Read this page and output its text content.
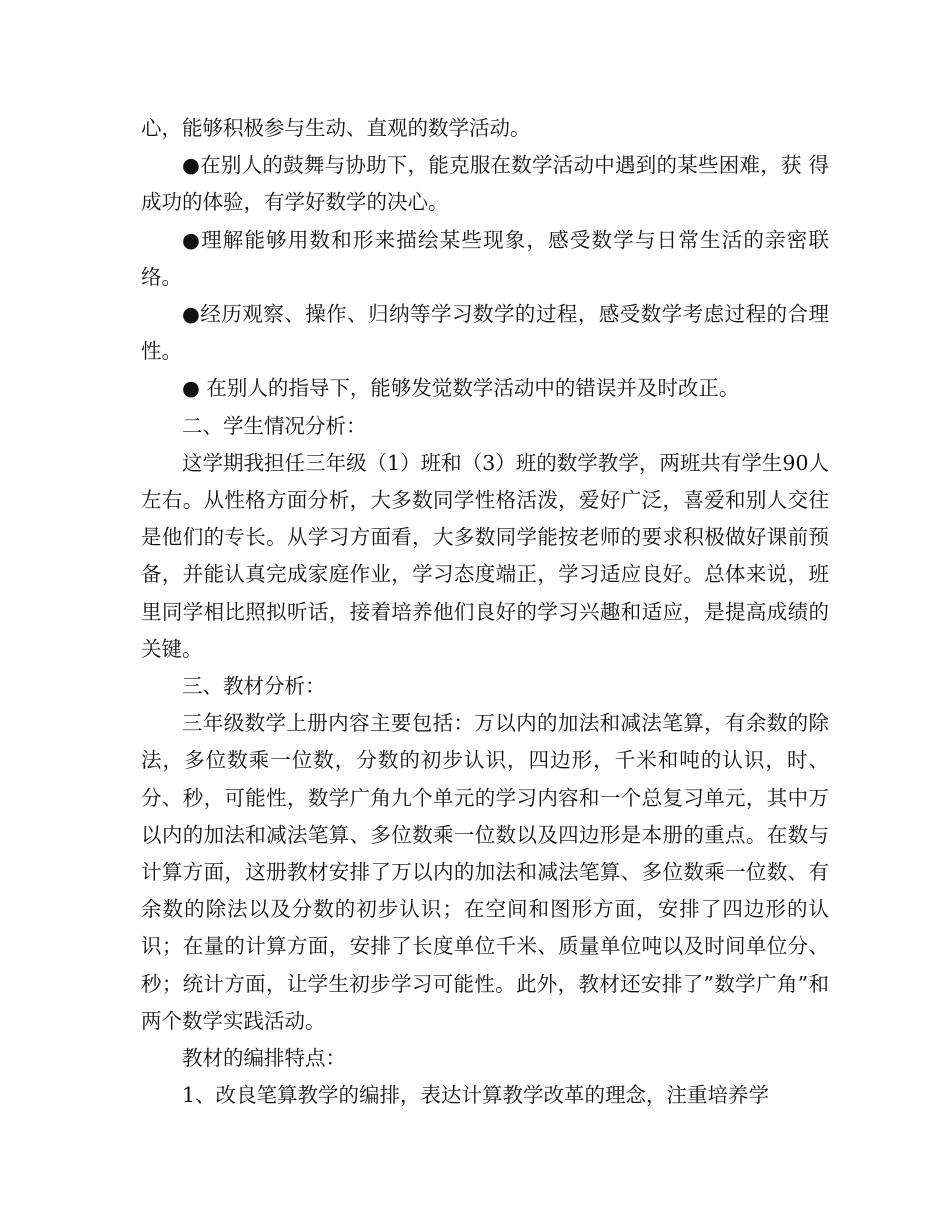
心，能够积极参与生动、直观的数学活动。

●在别人的鼓舞与协助下，能克服在数学活动中遇到的某些困难，获 得成功的体验，有学好数学的决心。

●理解能够用数和形来描绘某些现象，感受数学与日常生活的亲密联络。

●经历观察、操作、归纳等学习数学的过程，感受数学考虑过程的合理性。

● 在别人的指导下，能够发觉数学活动中的错误并及时改正。

二、学生情况分析：

这学期我担任三年级（1）班和（3）班的数学教学，两班共有学生90人左右。从性格方面分析，大多数同学性格活泼，爱好广泛，喜爱和别人交往是他们的专长。从学习方面看，大多数同学能按老师的要求积极做好课前预备，并能认真完成家庭作业，学习态度端正，学习适应良好。总体来说，班里同学相比照拟听话，接着培养他们良好的学习兴趣和适应，是提高成绩的关键。

三、教材分析：

三年级数学上册内容主要包括：万以内的加法和减法笔算，有余数的除法，多位数乘一位数，分数的初步认识，四边形，千米和吨的认识，时、分、秒，可能性，数学广角九个单元的学习内容和一个总复习单元，其中万以内的加法和减法笔算、多位数乘一位数以及四边形是本册的重点。在数与计算方面，这册教材安排了万以内的加法和减法笔算、多位数乘一位数、有余数的除法以及分数的初步认识；在空间和图形方面，安排了四边形的认识；在量的计算方面，安排了长度单位千米、质量单位吨以及时间单位分、秒；统计方面，让学生初步学习可能性。此外，教材还安排了”数学广角”和两个数学实践活动。

教材的编排特点：

1、改良笔算教学的编排，表达计算教学改革的理念，注重培养学
